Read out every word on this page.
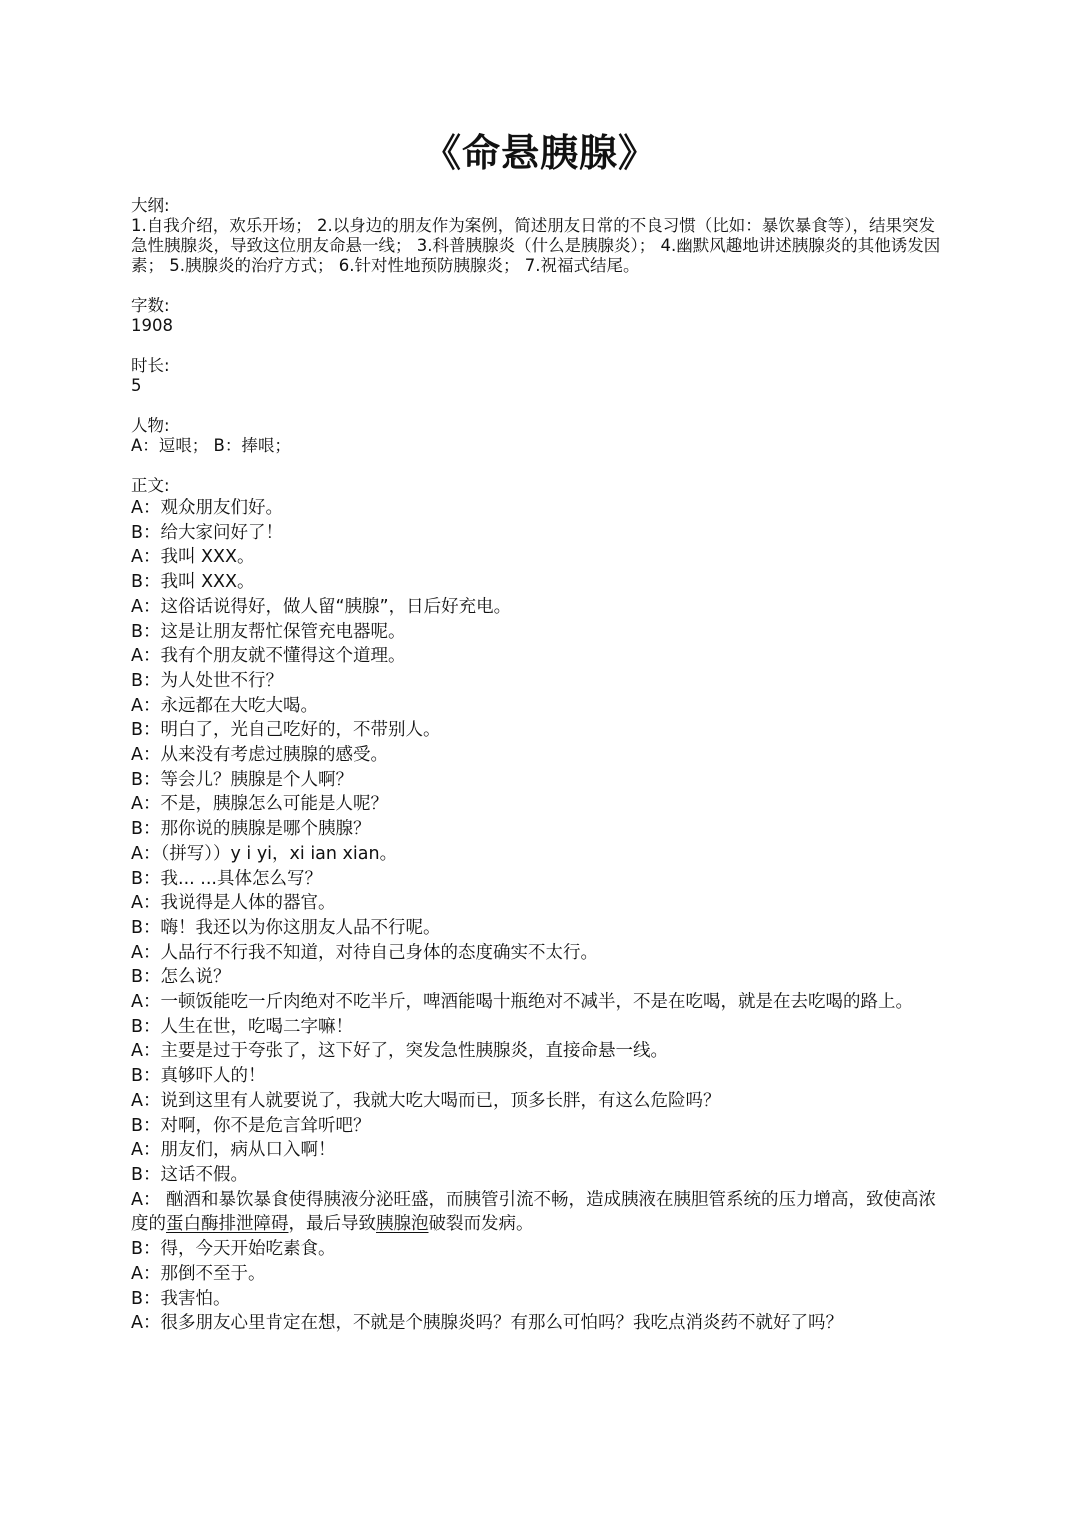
《命悬胰腺》

大纲:

1.自我介绍，欢乐开场； 2.以身边的朋友作为案例，简述朋友日常的不良习惯（比如：暴饮暴食等），结果突发急性胰腺炎，导致这位朋友命悬一线； 3.科普胰腺炎（什么是胰腺炎）； 4.幽默风趣地讲述胰腺炎的其他诱发因素； 5.胰腺炎的治疗方式； 6.针对性地预防胰腺炎； 7.祝福式结尾。

字数:

1908

时长:

5

人物:

A：逗哏； B：捧哏；

正文:

A：观众朋友们好。

B：给大家问好了！

A：我叫 XXX。

B：我叫 XXX。

A：这俗话说得好，做人留“胰腺”，日后好充电。

B：这是让朋友帮忙保管充电器呢。

A：我有个朋友就不懂得这个道理。

B：为人处世不行？

A：永远都在大吃大喝。

B：明白了，光自己吃好的，不带别人。

A：从来没有考虑过胰腺的感受。

B：等会儿？胰腺是个人啊？

A：不是，胰腺怎么可能是人呢？

B：那你说的胰腺是哪个胰腺？

A：（拼写））y i yi，xi ian xian。

B：我... ...具体怎么写？

A：我说得是人体的器官。

B：嗨！我还以为你这朋友人品不行呢。

A：人品行不行我不知道，对待自己身体的态度确实不太行。

B：怎么说？

A：一顿饭能吃一斤肉绝对不吃半斤，啤酒能喝十瓶绝对不减半，不是在吃喝，就是在去吃喝的路上。

B：人生在世，吃喝二字嘛！

A：主要是过于夸张了，这下好了，突发急性胰腺炎，直接命悬一线。

B：真够吓人的！

A：说到这里有人就要说了，我就大吃大喝而已，顶多长胖，有这么危险吗？

B：对啊，你不是危言耸听吧？

A：朋友们，病从口入啊！

B：这话不假。

A： 酗酒和暴饮暴食使得胰液分泌旺盛，而胰管引流不畅，造成胰液在胰胆管系统的压力增高，致使高浓度的蛋白酶排泄障碍，最后导致胰腺泡破裂而发病。

B：得，今天开始吃素食。

A：那倒不至于。

B：我害怕。

A：很多朋友心里肯定在想，不就是个胰腺炎吗？有那么可怕吗？我吃点消炎药不就好了吗？
